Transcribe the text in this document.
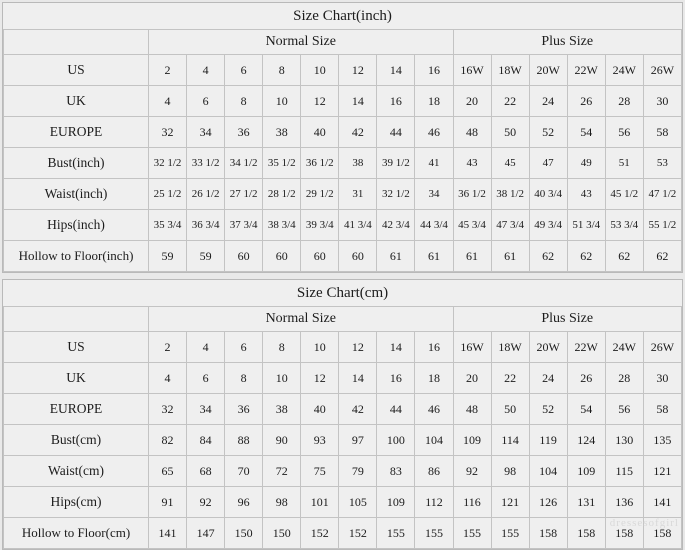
Size Chart(inch)														
	Normal Size								Plus Size					
US	2	4	6	8	10	12	14	16	16W	18W	20W	22W	24W	26W
UK	4	6	8	10	12	14	16	18	20	22	24	26	28	30
EUROPE	32	34	36	38	40	42	44	46	48	50	52	54	56	58
Bust(inch)	32 1/2	33 1/2	34 1/2	35 1/2	36 1/2	38	39 1/2	41	43	45	47	49	51	53
Waist(inch)	25 1/2	26 1/2	27 1/2	28 1/2	29 1/2	31	32 1/2	34	36 1/2	38 1/2	40 3/4	43	45 1/2	47 1/2
Hips(inch)	35 3/4	36 3/4	37 3/4	38 3/4	39 3/4	41 3/4	42 3/4	44 3/4	45 3/4	47 3/4	49 3/4	51 3/4	53 3/4	55 1/2
Hollow to Floor(inch)	59	59	60	60	60	60	61	61	61	61	62	62	62	62
Size Chart(cm)														
	Normal Size								Plus Size					
US	2	4	6	8	10	12	14	16	16W	18W	20W	22W	24W	26W
UK	4	6	8	10	12	14	16	18	20	22	24	26	28	30
EUROPE	32	34	36	38	40	42	44	46	48	50	52	54	56	58
Bust(cm)	82	84	88	90	93	97	100	104	109	114	119	124	130	135
Waist(cm)	65	68	70	72	75	79	83	86	92	98	104	109	115	121
Hips(cm)	91	92	96	98	101	105	109	112	116	121	126	131	136	141
Hollow to Floor(cm)	141	147	150	150	152	152	155	155	155	155	158	158	158	158
dressesofgirl
